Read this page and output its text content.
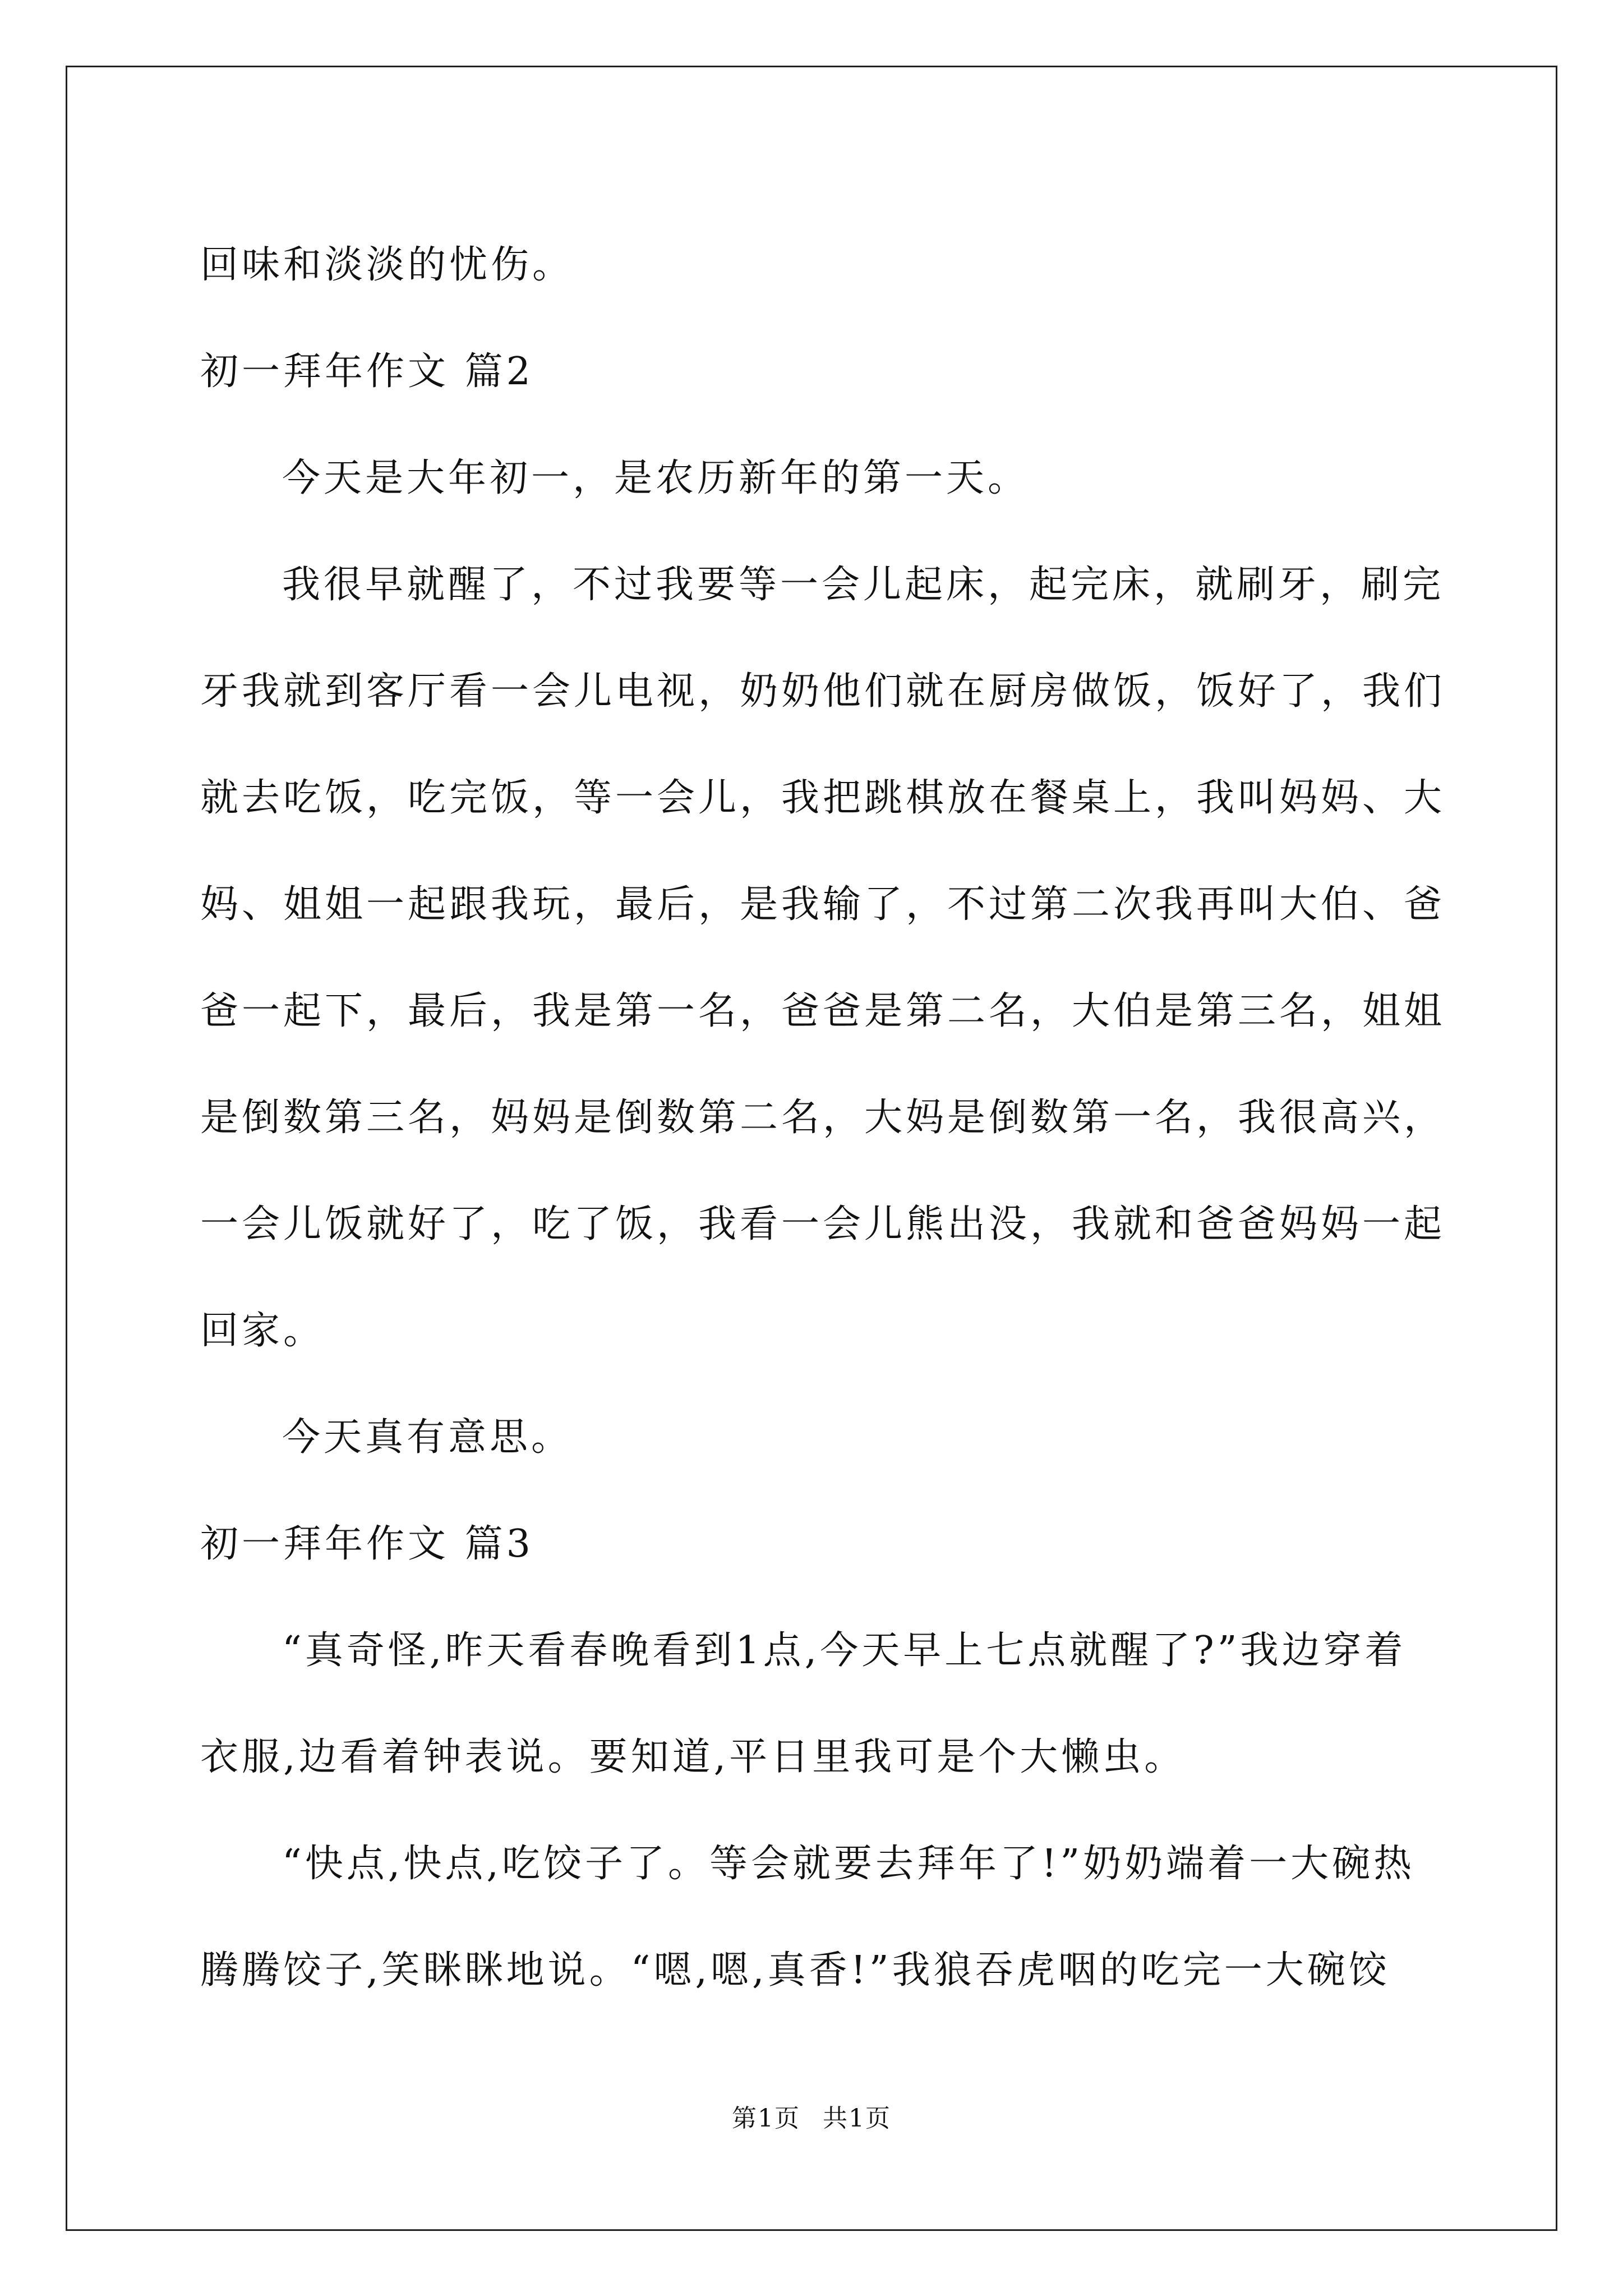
回味和淡淡的忧伤。
初一拜年作文 篇2
今天是大年初一，是农历新年的第一天。
我很早就醒了，不过我要等一会儿起床，起完床，就刷牙，刷完
牙我就到客厅看一会儿电视，奶奶他们就在厨房做饭，饭好了，我们
就去吃饭，吃完饭，等一会儿，我把跳棋放在餐桌上，我叫妈妈、大
妈、姐姐一起跟我玩，最后，是我输了，不过第二次我再叫大伯、爸
爸一起下，最后，我是第一名，爸爸是第二名，大伯是第三名，姐姐
是倒数第三名，妈妈是倒数第二名，大妈是倒数第一名，我很高兴，
一会儿饭就好了，吃了饭，我看一会儿熊出没，我就和爸爸妈妈一起
回家。
今天真有意思。
初一拜年作文 篇3
“真奇怪,昨天看春晚看到1点,今天早上七点就醒了?”我边穿着
衣服,边看着钟表说。要知道,平日里我可是个大懒虫。
“快点,快点,吃饺子了。等会就要去拜年了!”奶奶端着一大碗热
腾腾饺子,笑眯眯地说。“嗯,嗯,真香!”我狼吞虎咽的吃完一大碗饺
第1页 共1页
